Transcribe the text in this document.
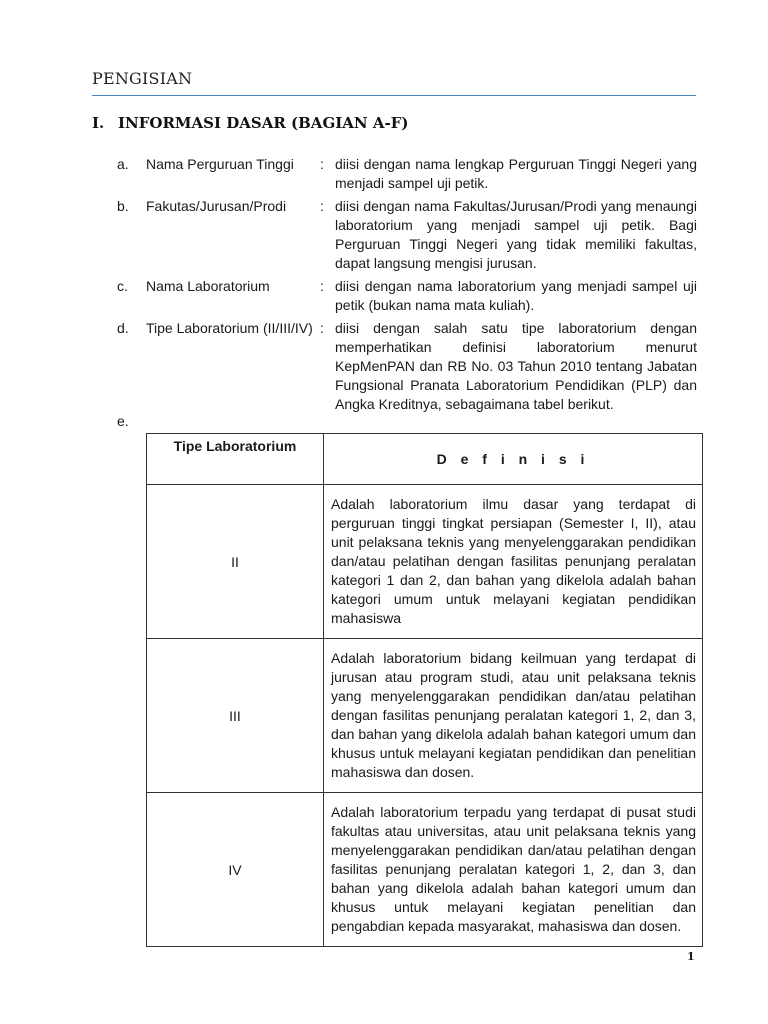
PENGISIAN
I. INFORMASI DASAR (BAGIAN A-F)
a. Nama Perguruan Tinggi : diisi dengan nama lengkap Perguruan Tinggi Negeri yang menjadi sampel uji petik.
b. Fakutas/Jurusan/Prodi : diisi dengan nama Fakultas/Jurusan/Prodi yang menaungi laboratorium yang menjadi sampel uji petik. Bagi Perguruan Tinggi Negeri yang tidak memiliki fakultas, dapat langsung mengisi jurusan.
c. Nama Laboratorium	: diisi dengan nama laboratorium yang menjadi sampel uji petik (bukan nama mata kuliah).
d. Tipe Laboratorium (II/III/IV) : diisi dengan salah satu tipe laboratorium dengan memperhatikan definisi laboratorium menurut KepMenPAN dan RB No. 03 Tahun 2010 tentang Jabatan Fungsional Pranata Laboratorium Pendidikan (PLP) dan Angka Kreditnya, sebagaimana tabel berikut.
e.
Tipe Laboratorium	D e f i n i s i
II	Adalah laboratorium ilmu dasar yang terdapat di perguruan tinggi tingkat persiapan (Semester I, II), atau unit pelaksana teknis yang menyelenggarakan pendidikan dan/atau pelatihan dengan fasilitas penunjang peralatan kategori 1 dan 2, dan bahan yang dikelola adalah bahan kategori umum untuk melayani kegiatan pendidikan mahasiswa
III	Adalah laboratorium bidang keilmuan yang terdapat di jurusan atau program studi, atau unit pelaksana teknis yang menyelenggarakan pendidikan dan/atau pelatihan dengan fasilitas penunjang peralatan kategori 1, 2, dan 3, dan bahan yang dikelola adalah bahan kategori umum dan khusus untuk melayani kegiatan pendidikan dan penelitian mahasiswa dan dosen.
IV	Adalah laboratorium terpadu yang terdapat di pusat studi fakultas atau universitas, atau unit pelaksana teknis yang menyelenggarakan pendidikan dan/atau pelatihan dengan fasilitas penunjang peralatan kategori 1, 2, dan 3, dan bahan yang dikelola adalah bahan kategori umum dan khusus untuk melayani kegiatan penelitian dan pengabdian kepada masyarakat, mahasiswa dan dosen.
1
